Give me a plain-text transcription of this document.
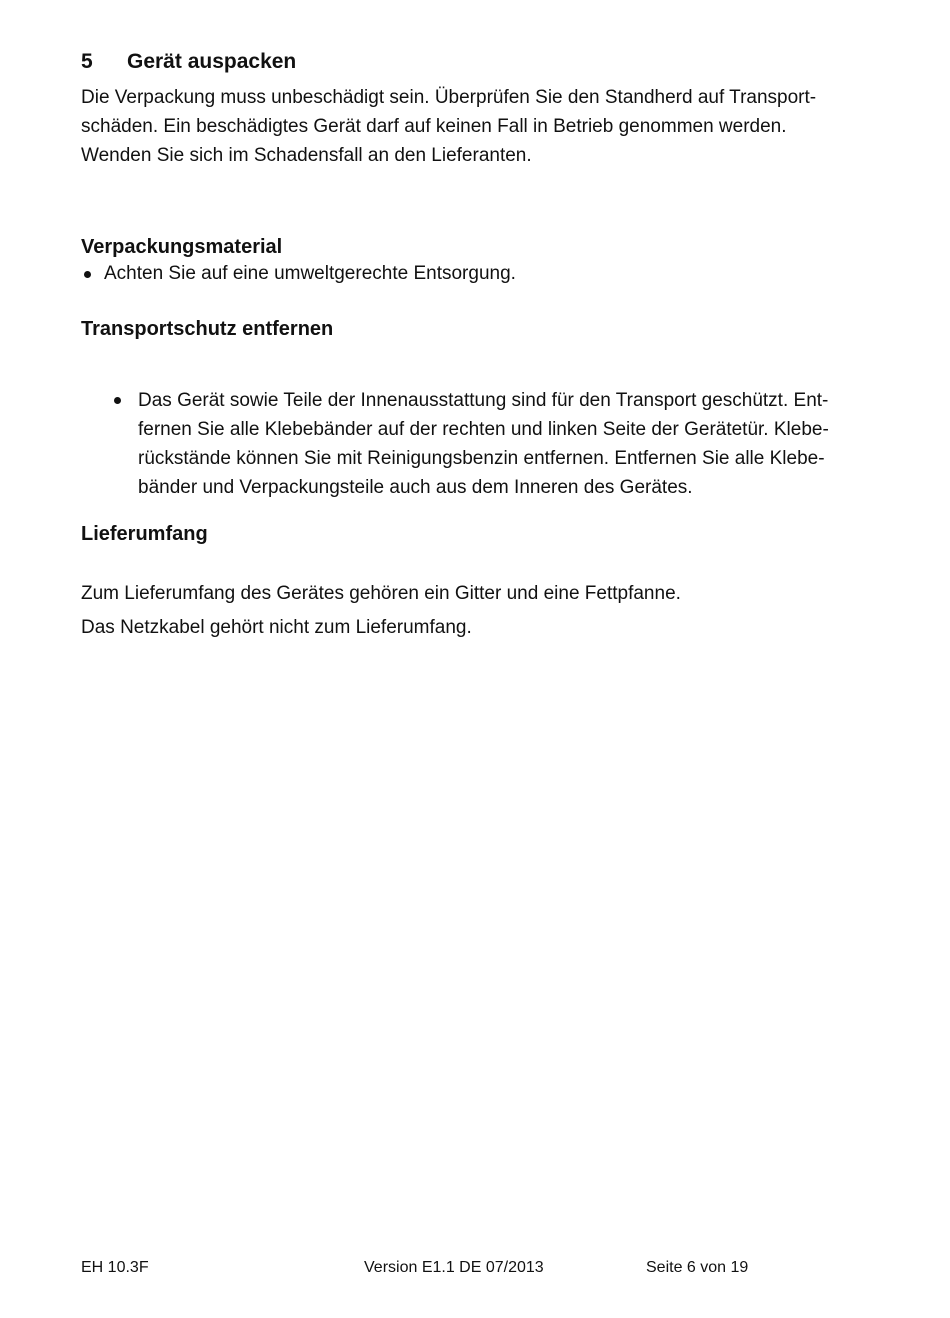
5 Gerät auspacken
Die Verpackung muss unbeschädigt sein. Überprüfen Sie den Standherd auf Transport-
schäden. Ein beschädigtes Gerät darf auf keinen Fall in Betrieb genommen werden.
Wenden Sie sich im Schadensfall an den Lieferanten.
Verpackungsmaterial
Achten Sie auf eine umweltgerechte Entsorgung.
Transportschutz entfernen
Das Gerät sowie Teile der Innenausstattung sind für den Transport geschützt. Ent-
fernen Sie alle Klebebänder auf der rechten und linken Seite der Gerätetür. Klebe-
rückstände können Sie mit Reinigungsbenzin entfernen. Entfernen Sie alle Klebe-
bänder und Verpackungsteile auch aus dem Inneren des Gerätes.
Lieferumfang
Zum Lieferumfang des Gerätes gehören ein Gitter und eine Fettpfanne.
Das Netzkabel gehört nicht zum Lieferumfang.
EH 10.3F	Version E1.1 DE 07/2013	Seite 6 von 19
